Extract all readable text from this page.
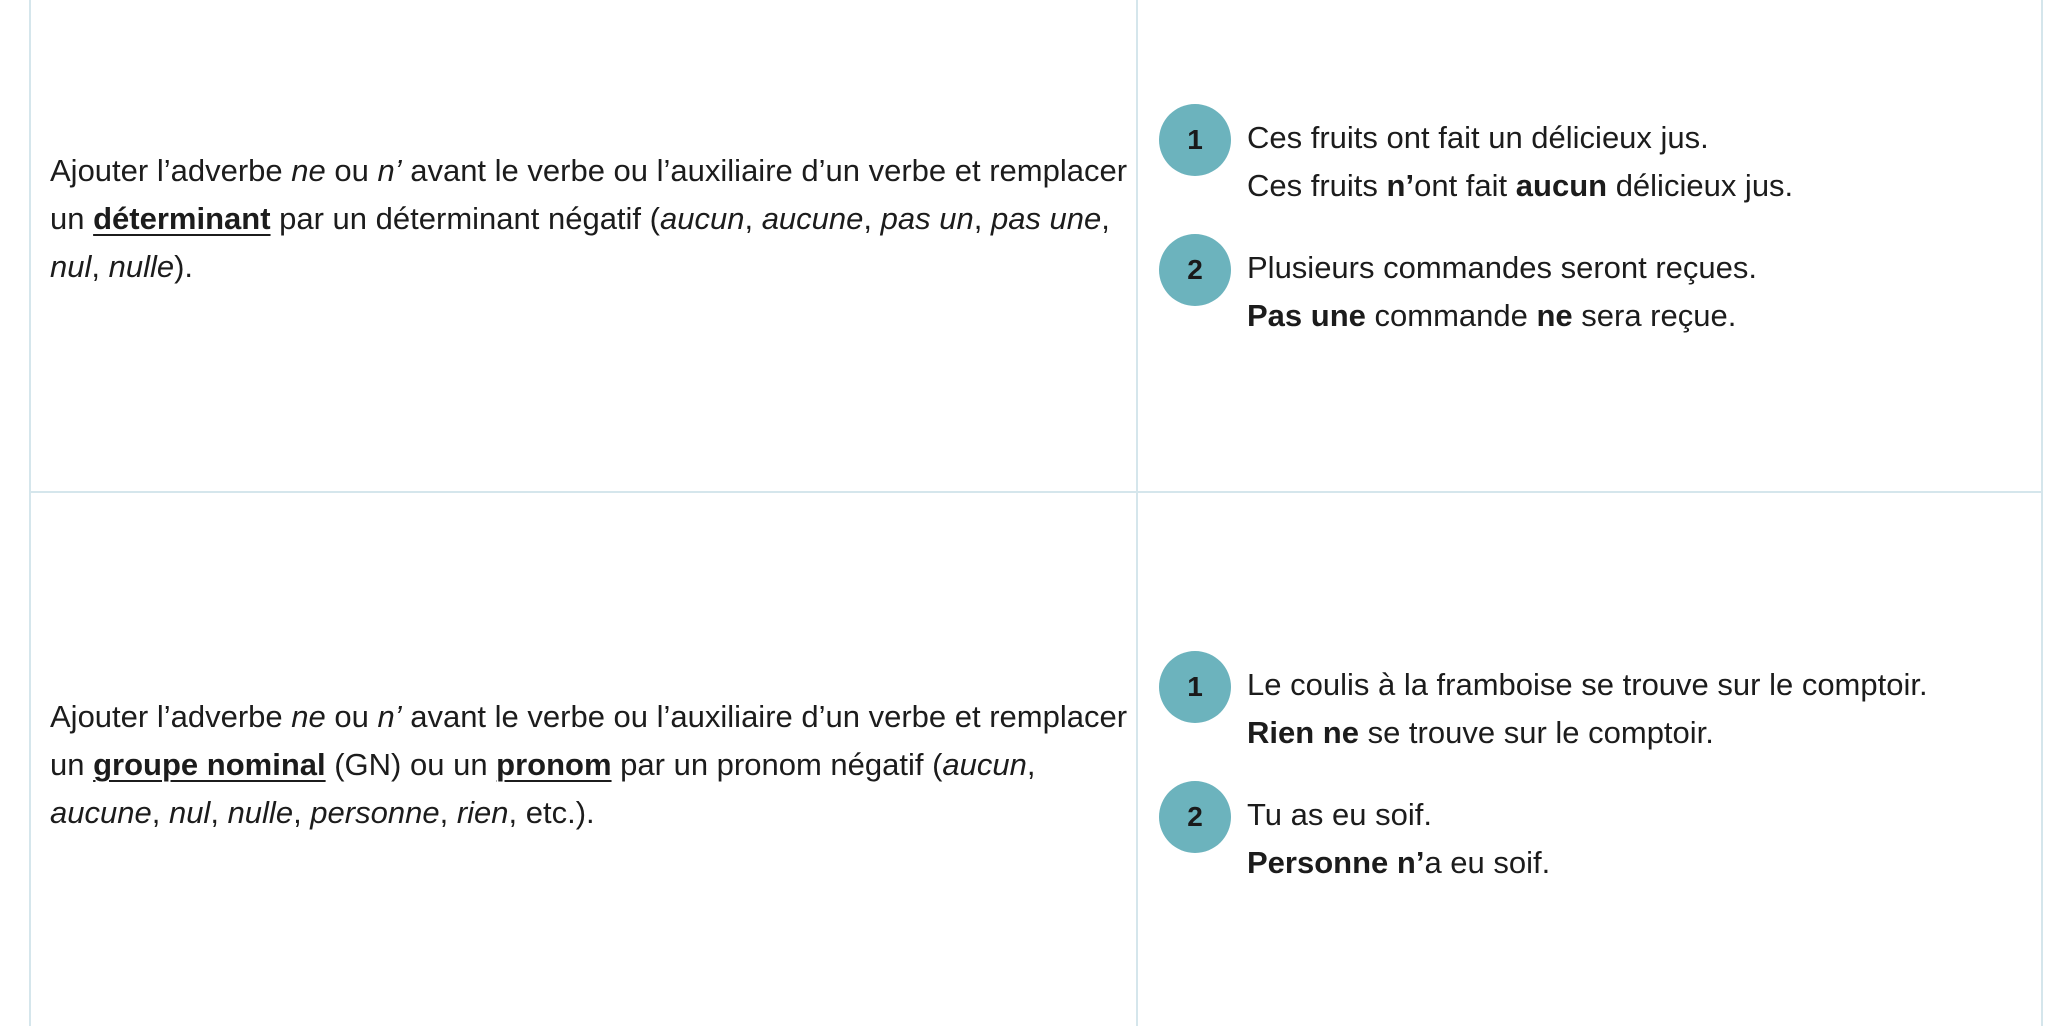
Ajouter l’adverbe ne ou n’ avant le verbe ou l’auxiliaire d’un verbe et remplacer un déterminant par un déterminant négatif (aucun, aucune, pas un, pas une, nul, nulle).
1	Ces fruits ont fait un délicieux jus.
Ces fruits n’ont fait aucun délicieux jus.
2	Plusieurs commandes seront reçues.
Pas une commande ne sera reçue.
Ajouter l’adverbe ne ou n’ avant le verbe ou l’auxiliaire d’un verbe et remplacer un groupe nominal (GN) ou un pronom par un pronom négatif (aucun, aucune, nul, nulle, personne, rien, etc.).
1	Le coulis à la framboise se trouve sur le comptoir.
Rien ne se trouve sur le comptoir.
2	Tu as eu soif.
Personne n’a eu soif.
